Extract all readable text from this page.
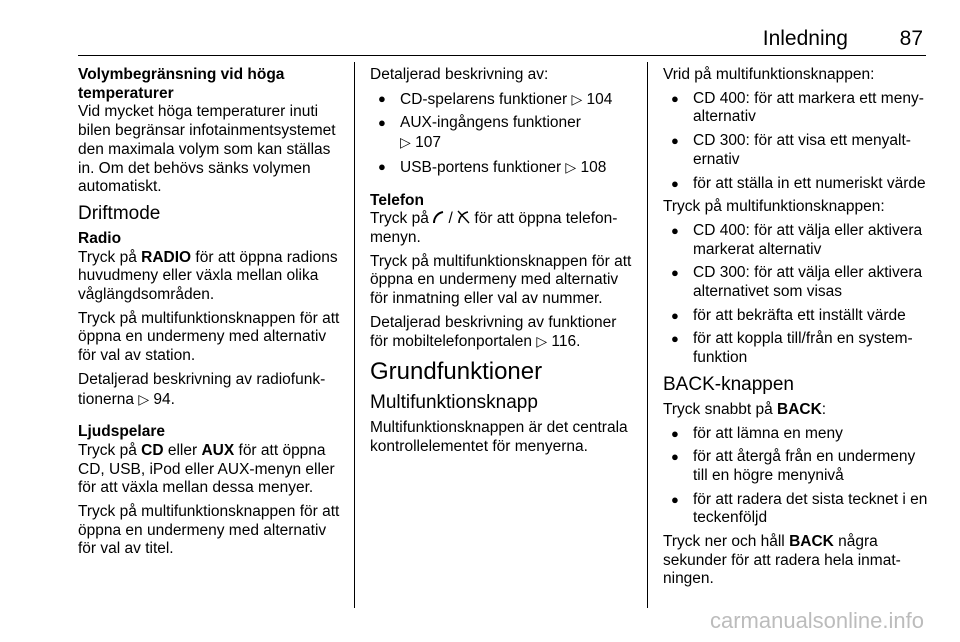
Inledning	87

Volymbegränsning vid höga temperaturer

Vid mycket höga temperaturer inuti bilen begränsar infotainmentsystemet den maximala volym som kan ställas in. Om det behövs sänks volymen automatiskt.

Driftmode

Radio

Tryck på RADIO för att öppna radions huvudmeny eller växla mellan olika våglängdsområden.

Tryck på multifunktionsknappen för att öppna en undermeny med alternativ för val av station.

Detaljerad beskrivning av radiofunktionerna ▷ 94.

Ljudspelare

Tryck på CD eller AUX för att öppna CD, USB, iPod eller AUX-menyn eller för att växla mellan dessa menyer.

Tryck på multifunktionsknappen för att öppna en undermeny med alternativ för val av titel.

Detaljerad beskrivning av:

● CD-spelarens funktioner ▷ 104
● AUX-ingångens funktioner
▷ 107
● USB-portens funktioner ▷ 108

Telefon

Tryck på  /  för att öppna telefonmenyn.

Tryck på multifunktionsknappen för att öppna en undermeny med alternativ för inmatning eller val av nummer.

Detaljerad beskrivning av funktioner för mobiltelefonportalen ▷ 116.

Grundfunktioner

Multifunktionsknapp

Multifunktionsknappen är det centrala kontrollelementet för menyerna.

Vrid på multifunktionsknappen:

● CD 400: för att markera ett menyalternativ
● CD 300: för att visa ett menyalternativ
● för att ställa in ett numeriskt värde

Tryck på multifunktionsknappen:

● CD 400: för att välja eller aktivera markerat alternativ
● CD 300: för att välja eller aktivera alternativet som visas
● för att bekräfta ett inställt värde
● för att koppla till/från en systemfunktion

BACK-knappen

Tryck snabbt på BACK:

● för att lämna en meny
● för att återgå från en undermeny till en högre menynivå
● för att radera det sista tecknet i en teckenföljd

Tryck ner och håll BACK några sekunder för att radera hela inmatningen.

carmanualsonline.info
